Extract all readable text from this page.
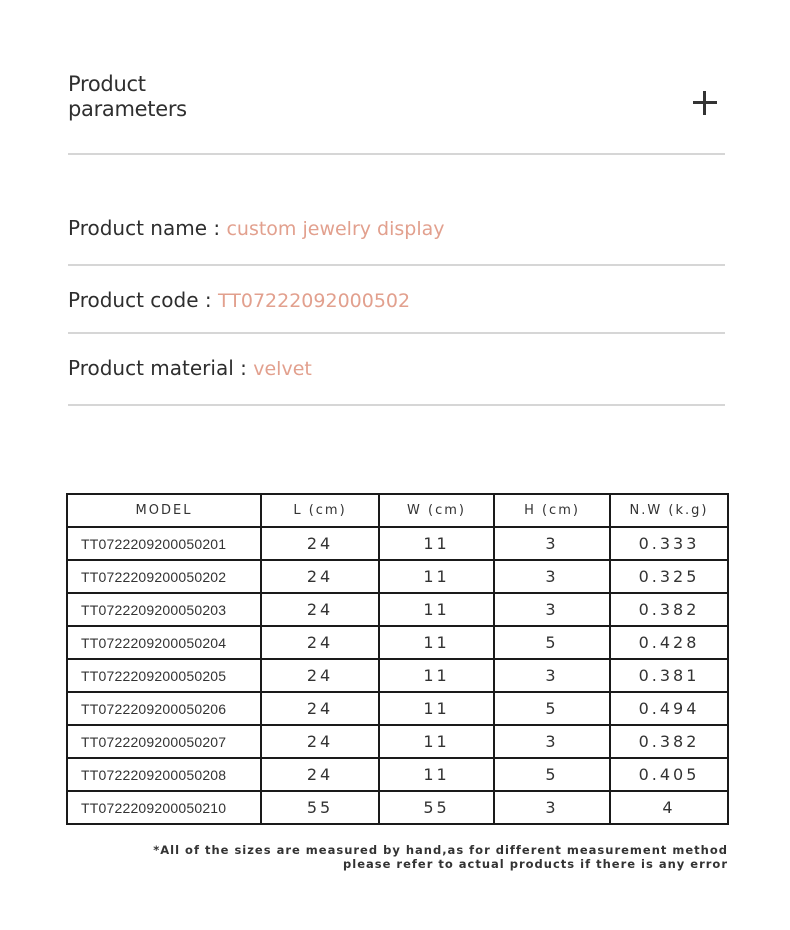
Product
parameters
Product name : custom jewelry display
Product code : TT07222092000502
Product material : velvet
MODEL	L (cm)	W (cm)	H (cm)	N.W (k.g)
TT0722209200050201	24	11	3	0.333
TT0722209200050202	24	11	3	0.325
TT0722209200050203	24	11	3	0.382
TT0722209200050204	24	11	5	0.428
TT0722209200050205	24	11	3	0.381
TT0722209200050206	24	11	5	0.494
TT0722209200050207	24	11	3	0.382
TT0722209200050208	24	11	5	0.405
TT0722209200050210	55	55	3	4
*All of the sizes are measured by hand,as for different measurement method
please refer to actual products if there is any error
